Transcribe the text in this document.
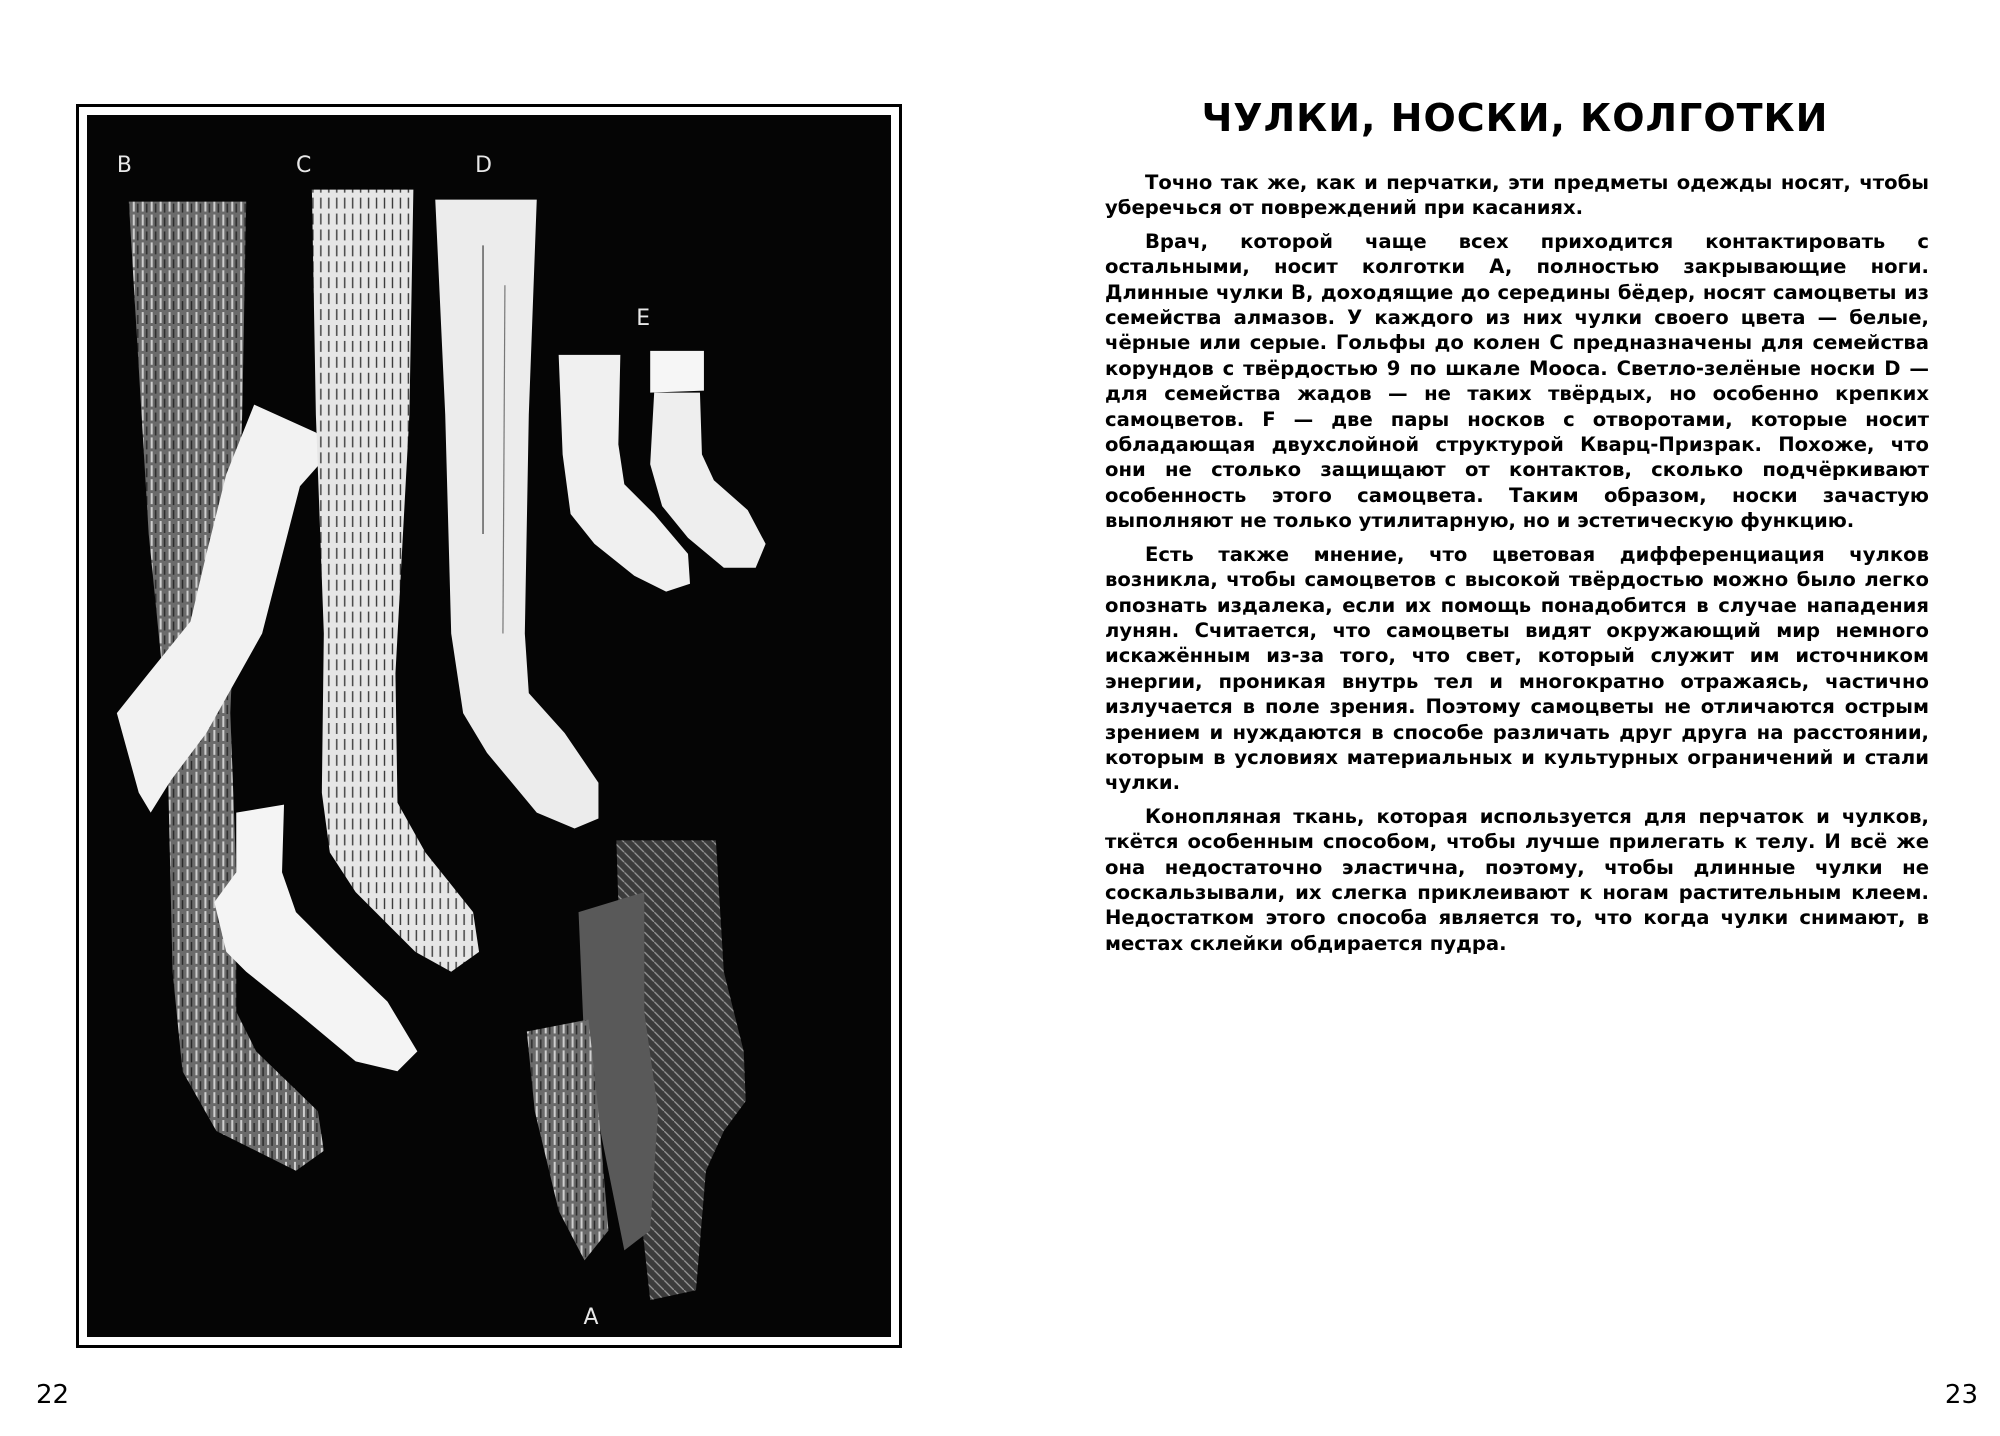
B	C	D
E
A
22
ЧУЛКИ, НОСКИ, КОЛГОТКИ

Точно так же, как и перчатки, эти предметы одежды носят, чтобы уберечься от повреждений при касаниях.

Врач, которой чаще всех приходится контактировать с остальными, носит колготки A, полностью закрывающие ноги. Длинные чулки B, доходящие до середины бёдер, носят самоцветы из семейства алмазов. У каждого из них чулки своего цвета — белые, чёрные или серые. Гольфы до колен C предназначены для семейства корундов с твёрдостью 9 по шкале Мооса. Светло-зелёные носки D — для семейства жадов — не таких твёрдых, но особенно крепких самоцветов. F — две пары носков с отворотами, которые носит обладающая двухслойной структурой Кварц-Призрак. Похоже, что они не столько защищают от контактов, сколько подчёркивают особенность этого самоцвета. Таким образом, носки зачастую выполняют не только утилитарную, но и эстетическую функцию.

Есть также мнение, что цветовая дифференциация чулков возникла, чтобы самоцветов с высокой твёрдостью можно было легко опознать издалека, если их помощь понадобится в случае нападения лунян. Считается, что самоцветы видят окружающий мир немного искажённым из-за того, что свет, который служит им источником энергии, проникая внутрь тел и многократно отражаясь, частично излучается в поле зрения. Поэтому самоцветы не отличаются острым зрением и нуждаются в способе различать друг друга на расстоянии, которым в условиях материальных и культурных ограничений и стали чулки.

Конопляная ткань, которая используется для перчаток и чулков, ткётся особенным способом, чтобы лучше прилегать к телу. И всё же она недостаточно эластична, поэтому, чтобы длинные чулки не соскальзывали, их слегка приклеивают к ногам растительным клеем. Недостатком этого способа является то, что когда чулки снимают, в местах склейки обдирается пудра.

23
